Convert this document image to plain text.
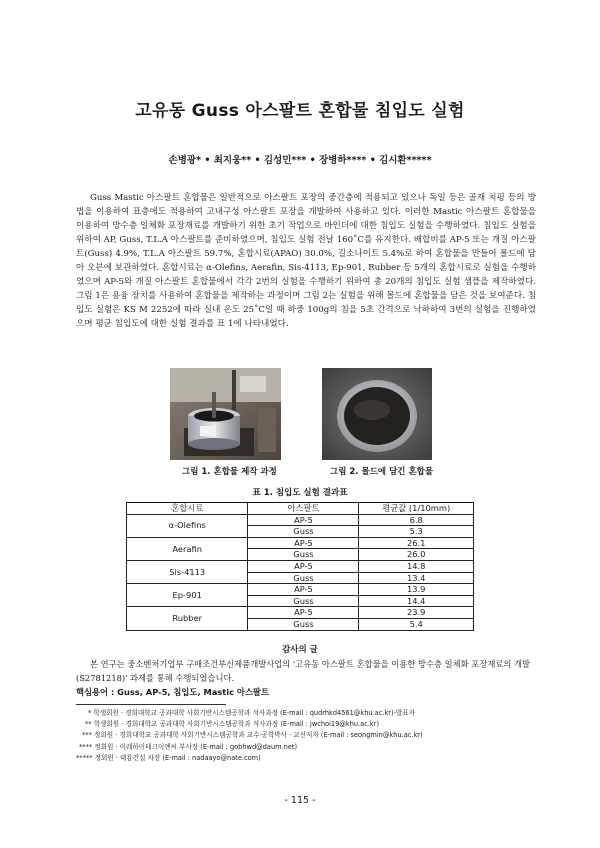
고유동 Guss 아스팔트 혼합물 침입도 실험
손병광* • 최지웅** • 김성민*** • 장병하**** • 김시환*****

Guss Mastic 아스팔트 혼합물은 일반적으로 아스팔트 포장의 중간층에 적용되고 있으나 독일 등은 골재 치핑 등의 방법을 이용하여 표층에도 적용하여 고내구성 아스팔트 포장을 개발하여 사용하고 있다. 이러한 Mastic 아스팔트 혼합물을 이용하여 방수층 일체화 포장재료를 개발하기 위한 초기 작업으로 바인더에 대한 침입도 실험을 수행하였다. 침입도 실험을 위하여 AP, Guss, T.L.A 아스팔트를 준비하였으며, 침입도 실험 전날 160˚C를 유지한다. 배합비를 AP-5 또는 개질 아스팔트(Guss) 4.9%, T.L.A 아스팔트 59.7%, 혼합시료(APAO) 30.0%, 길소나이트 5.4%로 하여 혼합물을 만들어 몰드에 담아 오븐에 보관하였다. 혼합시료는 α-Olefins, Aerafin, Sis-4113, Ep-901, Rubber 등 5개의 혼합시료로 실험을 수행하였으며 AP-5와 개질 아스팔트 혼합물에서 각각 2번의 실험을 수행하기 위하여 총 20개의 침입도 실험 샘플을 제작하였다. 그림 1은 용융 장치를 사용하여 혼합물을 제작하는 과정이며 그림 2는 실험을 위해 몰드에 혼합물을 담은 것을 보여준다. 침입도 실험은 KS M 2252에 따라 실내 온도 25˚C일 때 하중 100g의 침을 5초 간격으로 낙하하여 3번의 실험을 진행하였으며 평균 침입도에 대한 실험 결과를 표 1에 나타내었다.

그림 1. 혼합물 제작 과정	그림 2. 몰드에 담긴 혼합물
표 1. 침입도 실험 결과표
혼합시료	아스팔트	평균값 (1/10mm)
α-Olefins	AP-5	6.8
	Guss	5.3
Aerafin	AP-5	26.1
	Guss	26.0
Sis-4113	AP-5	14.8
	Guss	13.4
Ep-901	AP-5	13.9
	Guss	14.4
Rubber	AP-5	23.9
	Guss	5.4
감사의 글

본 연구는 중소벤처기업부 구매조건부신제품개발사업의 '고유동 아스팔트 혼합물을 이용한 방수층 일체화 포장재료의 개발(S2781218)' 과제를 통해 수행되었습니다.

핵심용어 : Guss, AP-5, 침입도, Mastic 아스팔트
* 학생회원 · 경희대학교 공과대학 사회기반시스템공학과 석사과정 (E-mail : qudrhkd4561@khu.ac.kr)-발표자
** 학생회원 · 경희대학교 공과대학 사회기반시스템공학과 석사과정 (E-mail : jwchoi19@khu.ac.kr)
*** 정회원 · 경희대학교 공과대학 사회기반시스템공학과 교수·공학박사 · 교신저자 (E-mail : seongmin@khu.ac.kr)
**** 정회원 · 이레하이테크이앤씨 부사장 (E-mail : gobhwd@daum.net)
***** 정회원 · 태룡건설 차장 (E-mail : nadaayo@nate.com)
- 115 -
